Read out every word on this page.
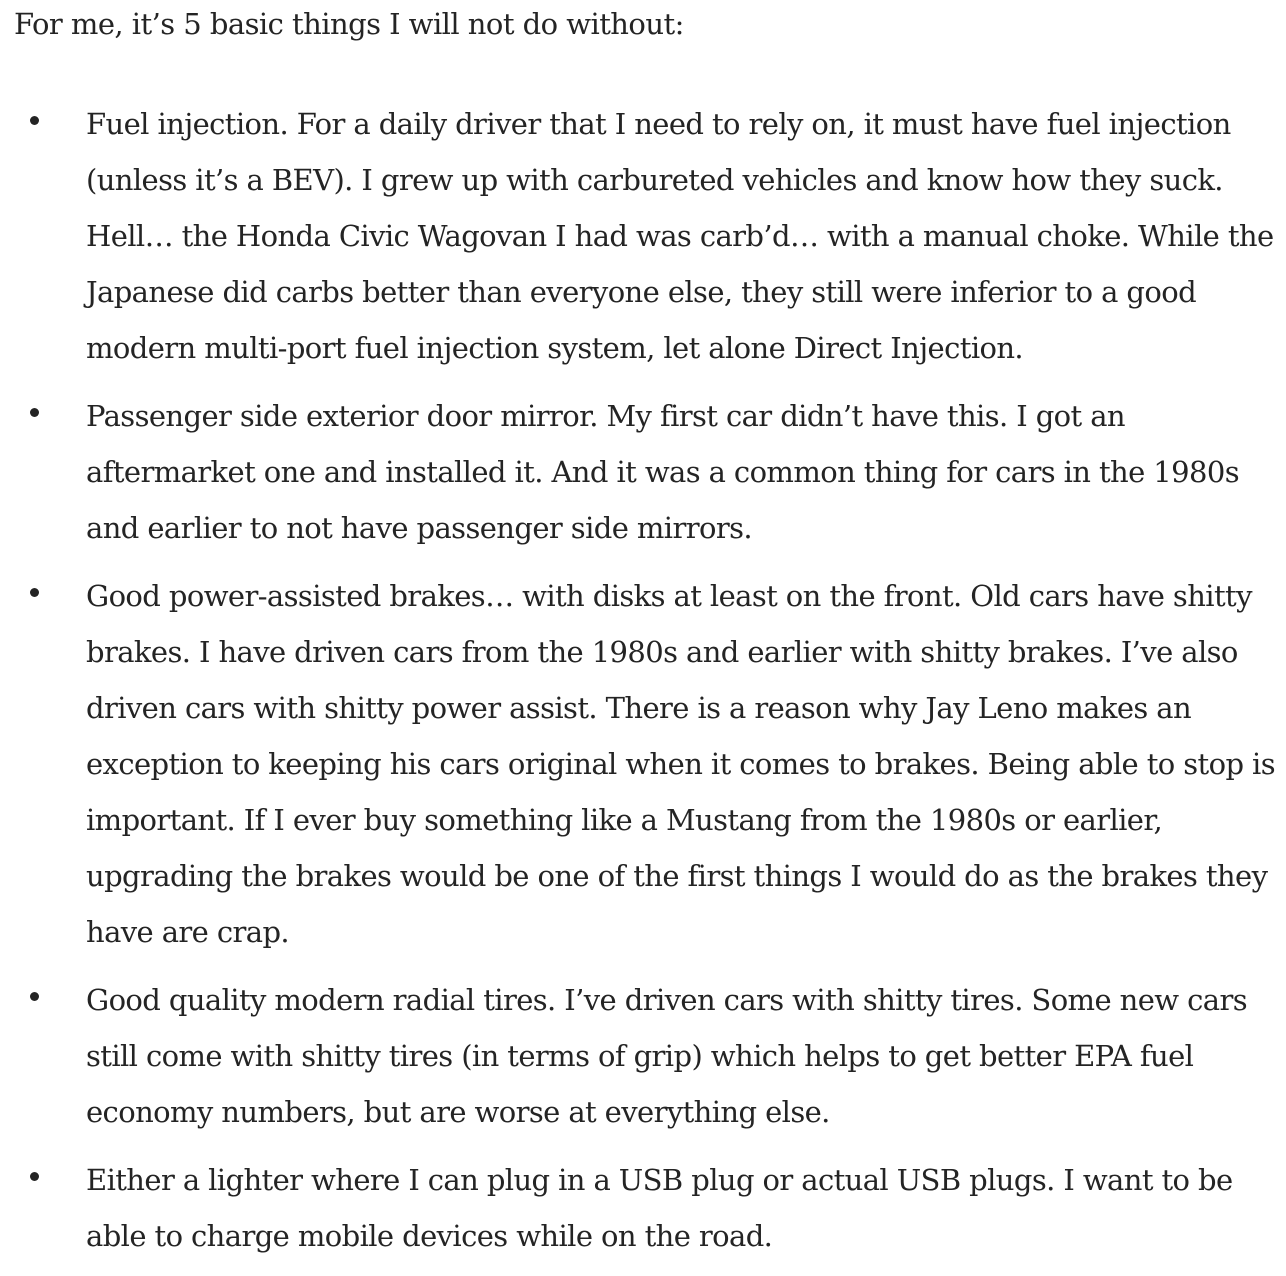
For me, it’s 5 basic things I will not do without:

Fuel injection. For a daily driver that I need to rely on, it must have fuel injection
(unless it’s a BEV). I grew up with carbureted vehicles and know how they suck.
Hell… the Honda Civic Wagovan I had was carb’d… with a manual choke. While the
Japanese did carbs better than everyone else, they still were inferior to a good
modern multi-port fuel injection system, let alone Direct Injection.
Passenger side exterior door mirror. My first car didn’t have this. I got an
aftermarket one and installed it. And it was a common thing for cars in the 1980s
and earlier to not have passenger side mirrors.
Good power-assisted brakes… with disks at least on the front. Old cars have shitty
brakes. I have driven cars from the 1980s and earlier with shitty brakes. I’ve also
driven cars with shitty power assist. There is a reason why Jay Leno makes an
exception to keeping his cars original when it comes to brakes. Being able to stop is
important. If I ever buy something like a Mustang from the 1980s or earlier,
upgrading the brakes would be one of the first things I would do as the brakes they
have are crap.
Good quality modern radial tires. I’ve driven cars with shitty tires. Some new cars
still come with shitty tires (in terms of grip) which helps to get better EPA fuel
economy numbers, but are worse at everything else.
Either a lighter where I can plug in a USB plug or actual USB plugs. I want to be
able to charge mobile devices while on the road.
